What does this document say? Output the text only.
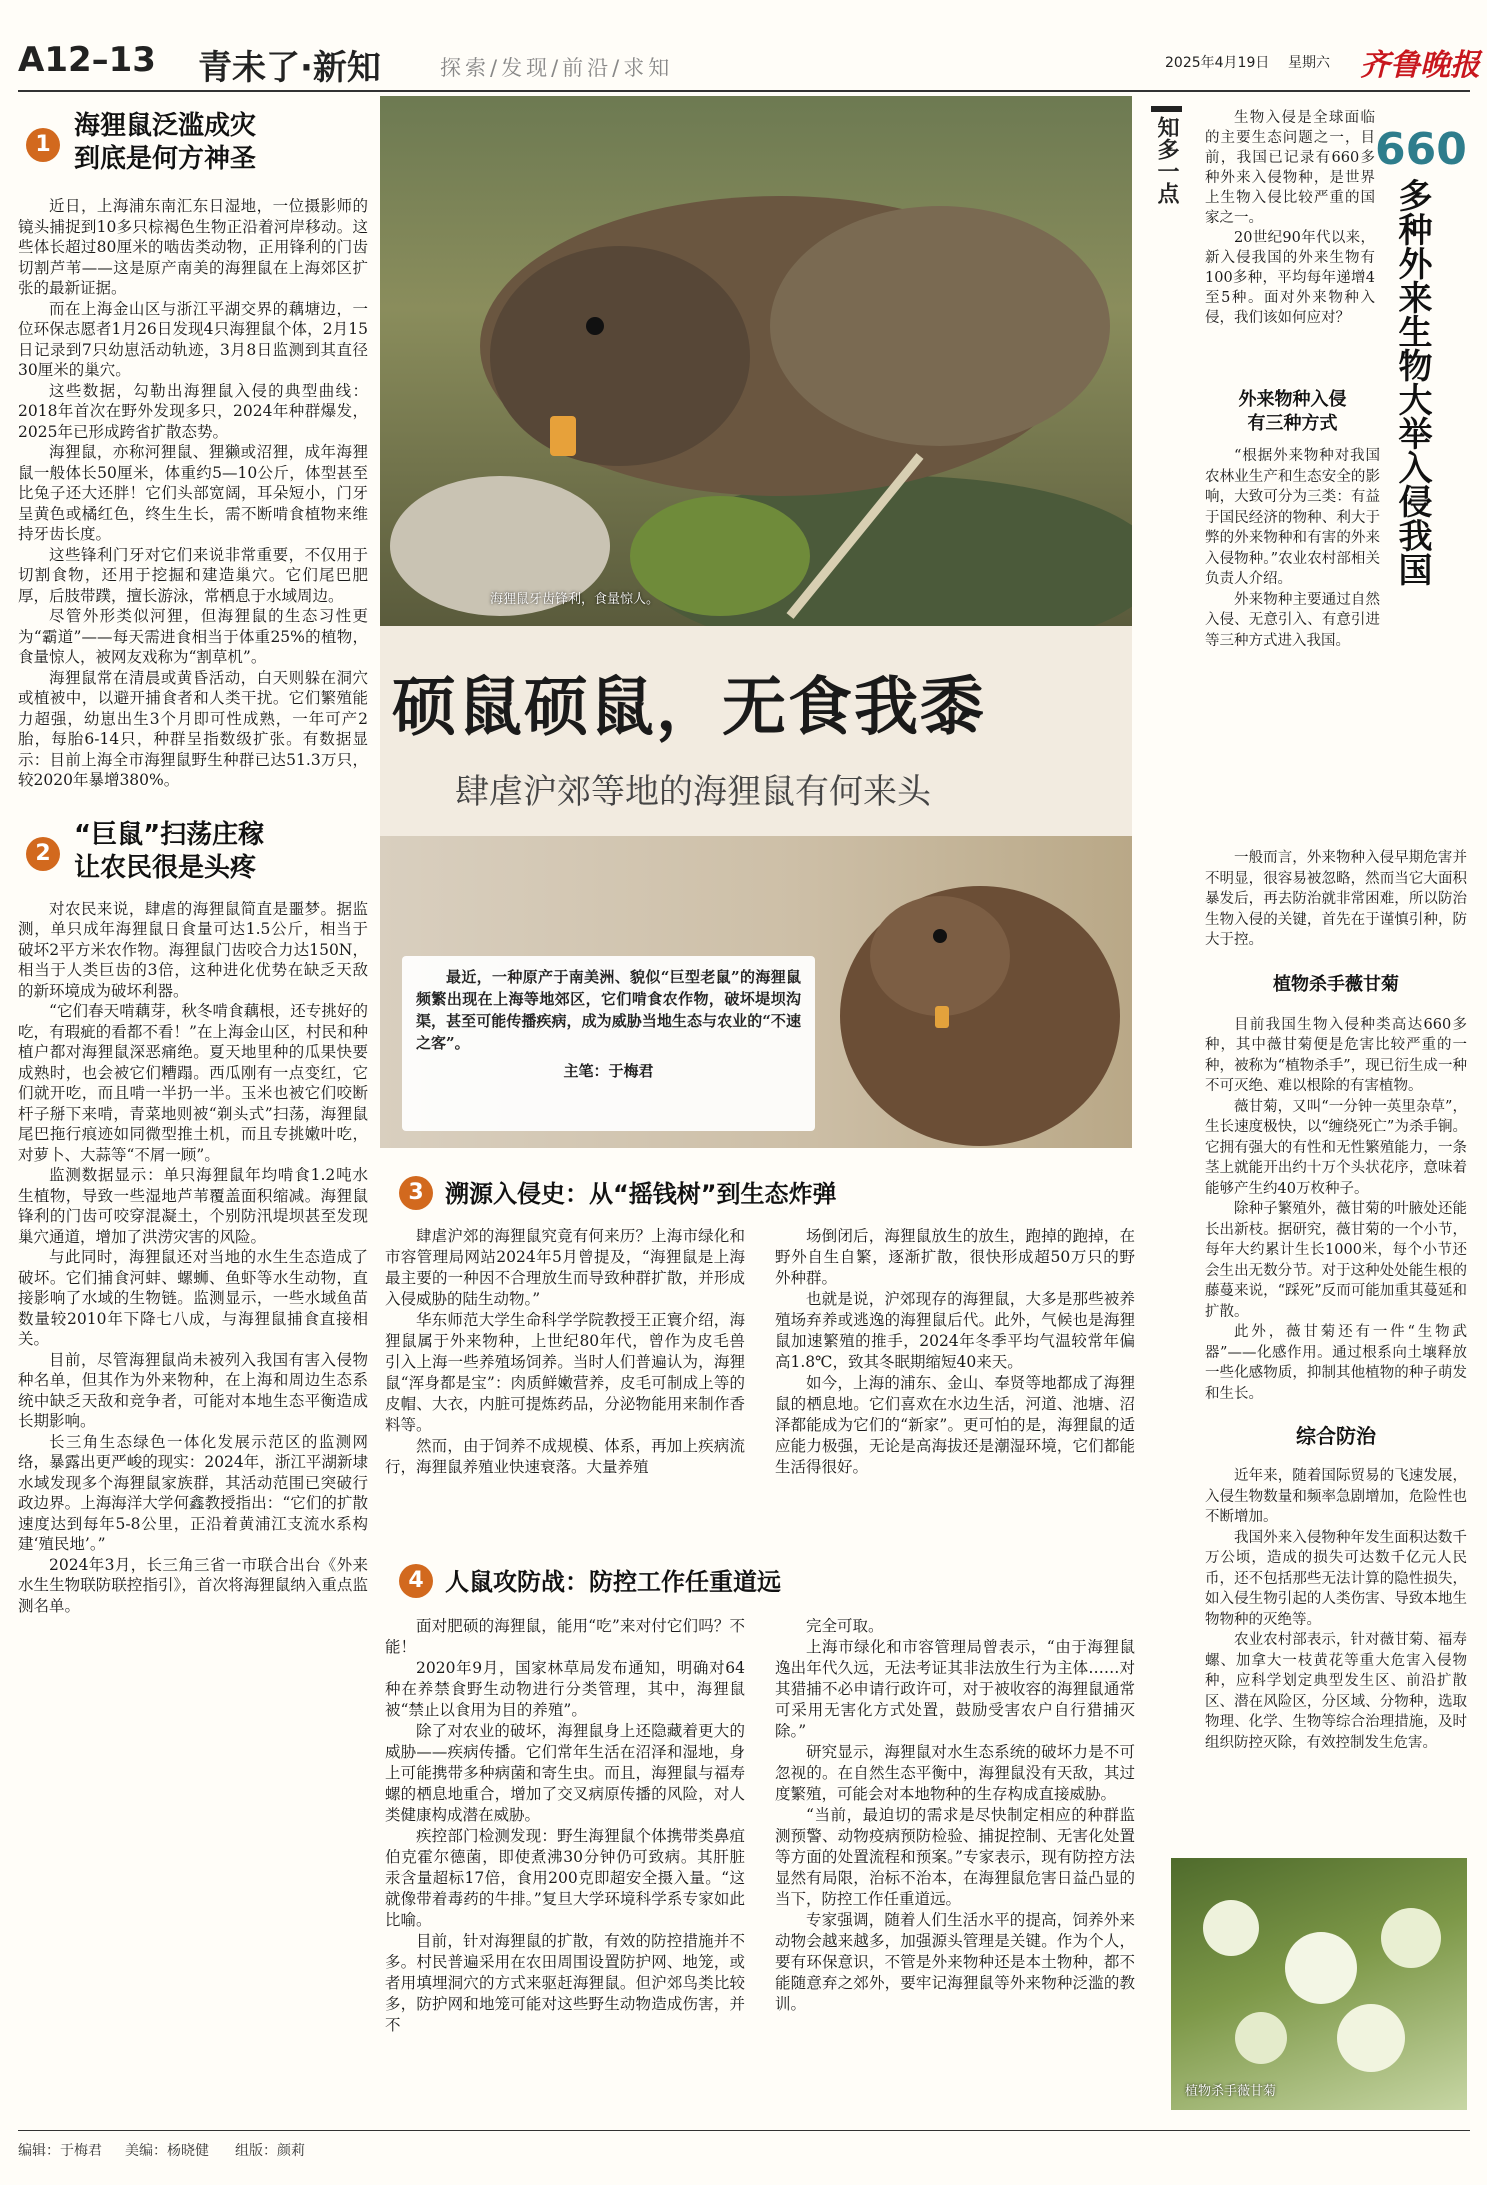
A12–13 青未了·新知	探索/发现/前沿/求知	2025年4月19日 星期六 齐鲁晚报
1
海狸鼠泛滥成灾
到底是何方神圣

近日，上海浦东南汇东日湿地，一位摄影师的镜头捕捉到10多只棕褐色生物正沿着河岸移动。这些体长超过80厘米的啮齿类动物，正用锋利的门齿切割芦苇——这是原产南美的海狸鼠在上海郊区扩张的最新证据。

而在上海金山区与浙江平湖交界的藕塘边，一位环保志愿者1月26日发现4只海狸鼠个体，2月15日记录到7只幼崽活动轨迹，3月8日监测到其直径30厘米的巢穴。

这些数据，勾勒出海狸鼠入侵的典型曲线：2018年首次在野外发现多只，2024年种群爆发，2025年已形成跨省扩散态势。

海狸鼠，亦称河狸鼠、狸獭或沼狸，成年海狸鼠一般体长50厘米，体重约5—10公斤，体型甚至比兔子还大还胖！它们头部宽阔，耳朵短小，门牙呈黄色或橘红色，终生生长，需不断啃食植物来维持牙齿长度。

这些锋利门牙对它们来说非常重要，不仅用于切割食物，还用于挖掘和建造巢穴。它们尾巴肥厚，后肢带蹼，擅长游泳，常栖息于水域周边。

尽管外形类似河狸，但海狸鼠的生态习性更为“霸道”——每天需进食相当于体重25%的植物，食量惊人，被网友戏称为“割草机”。

海狸鼠常在清晨或黄昏活动，白天则躲在洞穴或植被中，以避开捕食者和人类干扰。它们繁殖能力超强，幼崽出生3个月即可性成熟，一年可产2胎，每胎6-14只，种群呈指数级扩张。有数据显示：目前上海全市海狸鼠野生种群已达51.3万只，较2020年暴增380%。

2
“巨鼠”扫荡庄稼
让农民很是头疼

对农民来说，肆虐的海狸鼠简直是噩梦。据监测，单只成年海狸鼠日食量可达1.5公斤，相当于破坏2平方米农作物。海狸鼠门齿咬合力达150N，相当于人类巨齿的3倍，这种进化优势在缺乏天敌的新环境成为破坏利器。

“它们春天啃藕芽，秋冬啃食藕根，还专挑好的吃，有瑕疵的看都不看！”在上海金山区，村民和种植户都对海狸鼠深恶痛绝。夏天地里种的瓜果快要成熟时，也会被它们糟蹋。西瓜刚有一点变红，它们就开吃，而且啃一半扔一半。玉米也被它们咬断杆子掰下来啃，青菜地则被“剃头式”扫荡，海狸鼠尾巴拖行痕迹如同微型推土机，而且专挑嫩叶吃，对萝卜、大蒜等“不屑一顾”。

监测数据显示：单只海狸鼠年均啃食1.2吨水生植物，导致一些湿地芦苇覆盖面积缩减。海狸鼠锋利的门齿可咬穿混凝土，个别防汛堤坝甚至发现巢穴通道，增加了洪涝灾害的风险。

与此同时，海狸鼠还对当地的水生生态造成了破坏。它们捕食河蚌、螺蛳、鱼虾等水生动物，直接影响了水域的生物链。监测显示，一些水域鱼苗数量较2010年下降七八成，与海狸鼠捕食直接相关。

目前，尽管海狸鼠尚未被列入我国有害入侵物种名单，但其作为外来物种，在上海和周边生态系统中缺乏天敌和竞争者，可能对本地生态平衡造成长期影响。

长三角生态绿色一体化发展示范区的监测网络，暴露出更严峻的现实：2024年，浙江平湖新埭水域发现多个海狸鼠家族群，其活动范围已突破行政边界。上海海洋大学何鑫教授指出：“它们的扩散速度达到每年5-8公里，正沿着黄浦江支流水系构建‘殖民地’。”

2024年3月，长三角三省一市联合出台《外来水生生物联防联控指引》，首次将海狸鼠纳入重点监测名单。

海狸鼠牙齿锋利，食量惊人。
硕鼠硕鼠，无食我黍
肆虐沪郊等地的海狸鼠有何来头

最近，一种原产于南美洲、貌似“巨型老鼠”的海狸鼠频繁出现在上海等地郊区，它们啃食农作物，破坏堤坝沟渠，甚至可能传播疾病，成为威胁当地生态与农业的“不速之客”。

主笔：于梅君
3 溯源入侵史：从“摇钱树”到生态炸弹

肆虐沪郊的海狸鼠究竟有何来历？上海市绿化和市容管理局网站2024年5月曾提及，“海狸鼠是上海最主要的一种因不合理放生而导致种群扩散，并形成入侵威胁的陆生动物。”

华东师范大学生命科学学院教授王正寰介绍，海狸鼠属于外来物种，上世纪80年代，曾作为皮毛兽引入上海一些养殖场饲养。当时人们普遍认为，海狸鼠“浑身都是宝”：肉质鲜嫩营养，皮毛可制成上等的皮帽、大衣，内脏可提炼药品，分泌物能用来制作香料等。

然而，由于饲养不成规模、体系，再加上疾病流行，海狸鼠养殖业快速衰落。大量养殖

场倒闭后，海狸鼠放生的放生，跑掉的跑掉，在野外自生自繁，逐渐扩散，很快形成超50万只的野外种群。

也就是说，沪郊现存的海狸鼠，大多是那些被养殖场弃养或逃逸的海狸鼠后代。此外，气候也是海狸鼠加速繁殖的推手，2024年冬季平均气温较常年偏高1.8℃，致其冬眠期缩短40来天。

如今，上海的浦东、金山、奉贤等地都成了海狸鼠的栖息地。它们喜欢在水边生活，河道、池塘、沼泽都能成为它们的“新家”。更可怕的是，海狸鼠的适应能力极强，无论是高海拔还是潮湿环境，它们都能生活得很好。

4 人鼠攻防战：防控工作任重道远

面对肥硕的海狸鼠，能用“吃”来对付它们吗？不能！

2020年9月，国家林草局发布通知，明确对64种在养禁食野生动物进行分类管理，其中，海狸鼠被“禁止以食用为目的养殖”。

除了对农业的破坏，海狸鼠身上还隐藏着更大的威胁——疾病传播。它们常年生活在沼泽和湿地，身上可能携带多种病菌和寄生虫。而且，海狸鼠与福寿螺的栖息地重合，增加了交叉病原传播的风险，对人类健康构成潜在威胁。

疾控部门检测发现：野生海狸鼠个体携带类鼻疽伯克霍尔德菌，即使煮沸30分钟仍可致病。其肝脏汞含量超标17倍，食用200克即超安全摄入量。“这就像带着毒药的牛排。”复旦大学环境科学系专家如此比喻。

目前，针对海狸鼠的扩散，有效的防控措施并不多。村民普遍采用在农田周围设置防护网、地笼，或者用填埋洞穴的方式来驱赶海狸鼠。但沪郊鸟类比较多，防护网和地笼可能对这些野生动物造成伤害，并不

完全可取。

上海市绿化和市容管理局曾表示，“由于海狸鼠逸出年代久远，无法考证其非法放生行为主体……对其猎捕不必申请行政许可，对于被收容的海狸鼠通常可采用无害化方式处置，鼓励受害农户自行猎捕灭除。”

研究显示，海狸鼠对水生态系统的破坏力是不可忽视的。在自然生态平衡中，海狸鼠没有天敌，其过度繁殖，可能会对本地物种的生存构成直接威胁。

“当前，最迫切的需求是尽快制定相应的种群监测预警、动物疫病预防检验、捕捉控制、无害化处置等方面的处置流程和预案。”专家表示，现有防控方法显然有局限，治标不治本，在海狸鼠危害日益凸显的当下，防控工作任重道远。

专家强调，随着人们生活水平的提高，饲养外来动物会越来越多，加强源头管理是关键。作为个人，要有环保意识，不管是外来物种还是本土物种，都不能随意弃之郊外，要牢记海狸鼠等外来物种泛滥的教训。

知多一点	生物入侵是全球面临的主要生态问题之一，目前，我国已记录有660多种外来入侵物种，是世界上生物入侵比较严重的国家之一。

20世纪90年代以来，新入侵我国的外来生物有100多种，平均每年递增4至5种。面对外来物种入侵，我们该如何应对？

660
多种外来生物大举入侵我国
外来物种入侵
有三种方式

“根据外来物种对我国农林业生产和生态安全的影响，大致可分为三类：有益于国民经济的物种、利大于弊的外来物种和有害的外来入侵物种。”农业农村部相关负责人介绍。

外来物种主要通过自然入侵、无意引入、有意引进等三种方式进入我国。

一般而言，外来物种入侵早期危害并不明显，很容易被忽略，然而当它大面积暴发后，再去防治就非常困难，所以防治生物入侵的关键，首先在于谨慎引种，防大于控。

植物杀手薇甘菊

目前我国生物入侵种类高达660多种，其中薇甘菊便是危害比较严重的一种，被称为“植物杀手”，现已衍生成一种不可灭绝、难以根除的有害植物。

薇甘菊，又叫“一分钟一英里杂草”，生长速度极快，以“缠绕死亡”为杀手锏。它拥有强大的有性和无性繁殖能力，一条茎上就能开出约十万个头状花序，意味着能够产生约40万枚种子。

除种子繁殖外，薇甘菊的叶腋处还能长出新枝。据研究，薇甘菊的一个小节，每年大约累计生长1000米，每个小节还会生出无数分节。对于这种处处能生根的藤蔓来说，“踩死”反而可能加重其蔓延和扩散。

此外，薇甘菊还有一件“生物武器”——化感作用。通过根系向土壤释放一些化感物质，抑制其他植物的种子萌发和生长。

综合防治

近年来，随着国际贸易的飞速发展，入侵生物数量和频率急剧增加，危险性也不断增加。

我国外来入侵物种年发生面积达数千万公顷，造成的损失可达数千亿元人民币，还不包括那些无法计算的隐性损失，如入侵生物引起的人类伤害、导致本地生物物种的灭绝等。

农业农村部表示，针对薇甘菊、福寿螺、加拿大一枝黄花等重大危害入侵物种，应科学划定典型发生区、前沿扩散区、潜在风险区，分区域、分物种，选取物理、化学、生物等综合治理措施，及时组织防控灭除，有效控制发生危害。

植物杀手薇甘菊
编辑：于梅君 美编：杨晓健 组版：颜莉
